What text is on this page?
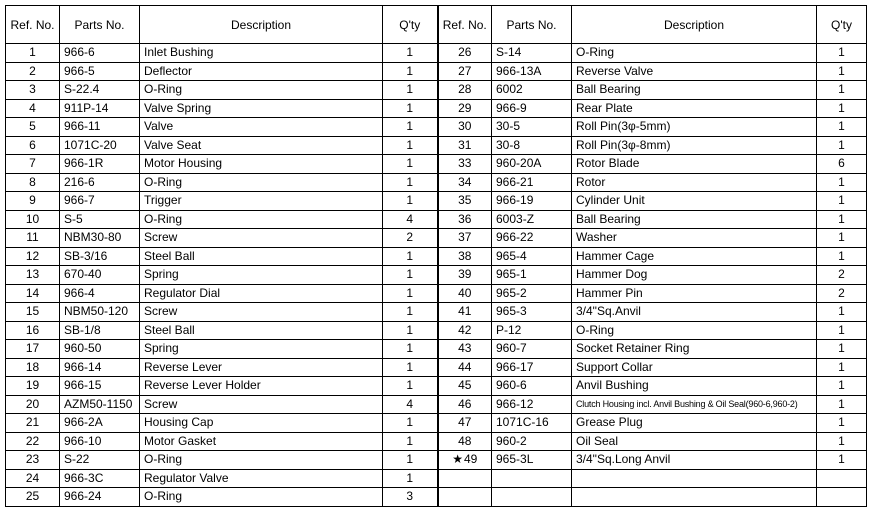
Ref. No.	Parts No.	Description	Q'ty	Ref. No.	Parts No.	Description	Q'ty
1	966-6	Inlet Bushing	1	26	S-14	O-Ring	1
2	966-5	Deflector	1	27	966-13A	Reverse Valve	1
3	S-22.4	O-Ring	1	28	6002	Ball Bearing	1
4	911P-14	Valve Spring	1	29	966-9	Rear Plate	1
5	966-11	Valve	1	30	30-5	Roll Pin(3φ-5mm)	1
6	1071C-20	Valve Seat	1	31	30-8	Roll Pin(3φ-8mm)	1
7	966-1R	Motor Housing	1	33	960-20A	Rotor Blade	6
8	216-6	O-Ring	1	34	966-21	Rotor	1
9	966-7	Trigger	1	35	966-19	Cylinder Unit	1
10	S-5	O-Ring	4	36	6003-Z	Ball Bearing	1
11	NBM30-80	Screw	2	37	966-22	Washer	1
12	SB-3/16	Steel Ball	1	38	965-4	Hammer Cage	1
13	670-40	Spring	1	39	965-1	Hammer Dog	2
14	966-4	Regulator Dial	1	40	965-2	Hammer Pin	2
15	NBM50-120	Screw	1	41	965-3	3/4"Sq.Anvil	1
16	SB-1/8	Steel Ball	1	42	P-12	O-Ring	1
17	960-50	Spring	1	43	960-7	Socket Retainer Ring	1
18	966-14	Reverse Lever	1	44	966-17	Support Collar	1
19	966-15	Reverse Lever Holder	1	45	960-6	Anvil Bushing	1
20	AZM50-1150	Screw	4	46	966-12	Clutch Housing incl. Anvil Bushing & Oil Seal(960-6,960-2)	1
21	966-2A	Housing Cap	1	47	1071C-16	Grease Plug	1
22	966-10	Motor Gasket	1	48	960-2	Oil Seal	1
23	S-22	O-Ring	1	★49	965-3L	3/4"Sq.Long Anvil	1
24	966-3C	Regulator Valve	1				
25	966-24	O-Ring	3				
